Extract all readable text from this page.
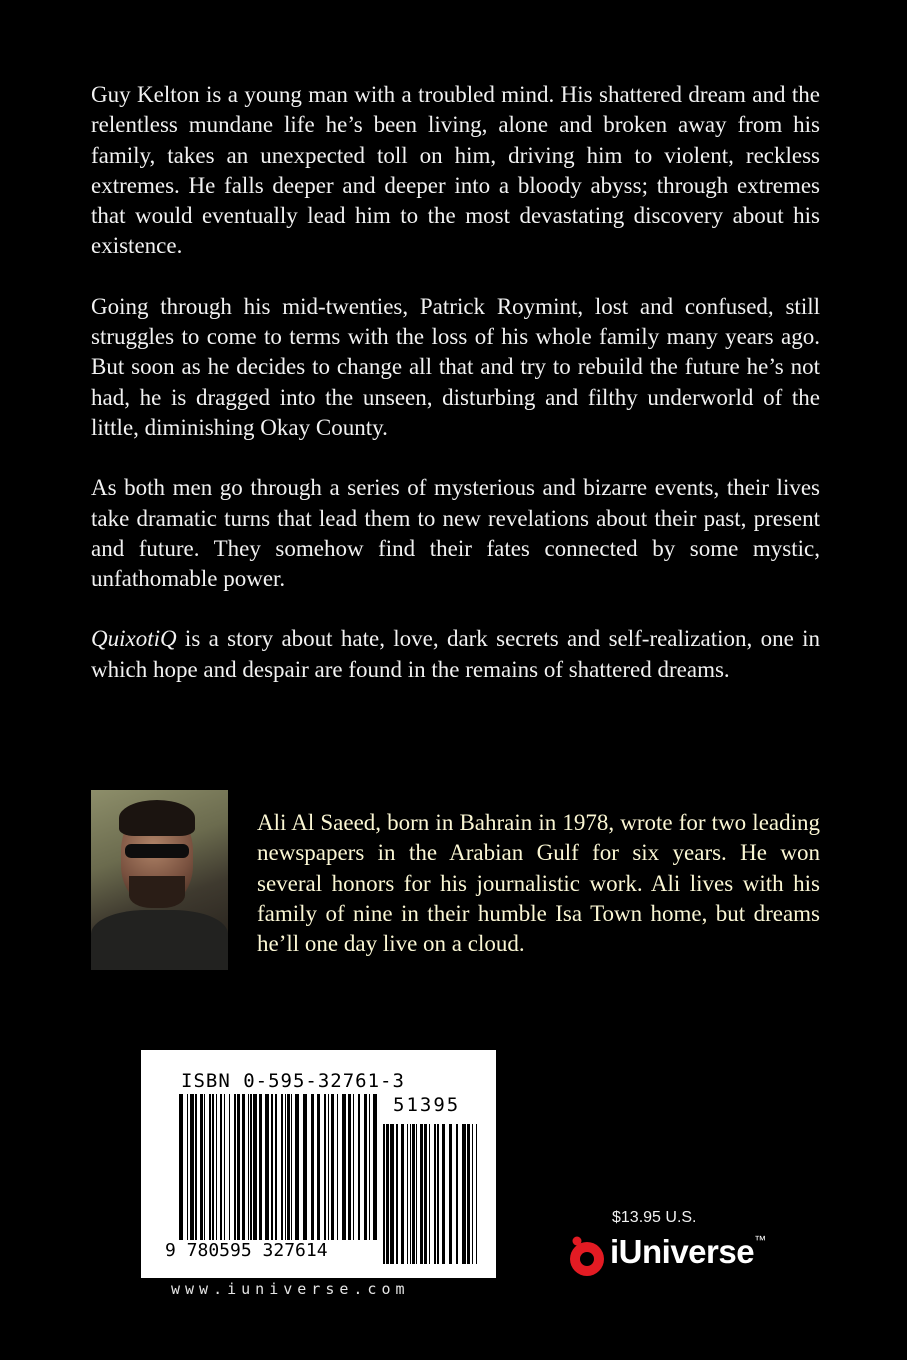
Guy Kelton is a young man with a troubled mind. His shattered dream and the relentless mundane life he’s been living, alone and broken away from his family, takes an unexpected toll on him, driving him to violent, reckless extremes. He falls deeper and deeper into a bloody abyss; through extremes that would eventually lead him to the most devastating discovery about his existence.

Going through his mid-twenties, Patrick Roymint, lost and confused, still struggles to come to terms with the loss of his whole family many years ago. But soon as he decides to change all that and try to rebuild the future he’s not had, he is dragged into the unseen, disturbing and filthy underworld of the little, diminishing Okay County.

As both men go through a series of mysterious and bizarre events, their lives take dramatic turns that lead them to new revelations about their past, present and future. They somehow find their fates connected by some mystic, unfathomable power.

QuixotiQ is a story about hate, love, dark secrets and self-realization, one in which hope and despair are found in the remains of shattered dreams.

Ali Al Saeed, born in Bahrain in 1978, wrote for two leading newspapers in the Arabian Gulf for six years. He won several honors for his journalistic work. Ali lives with his family of nine in their humble Isa Town home, but dreams he’ll one day live on a cloud.

ISBN 0-595-32761-3
51395
9 780595 327614
www.iuniverse.com
$13.95 U.S.
iUniverse™
